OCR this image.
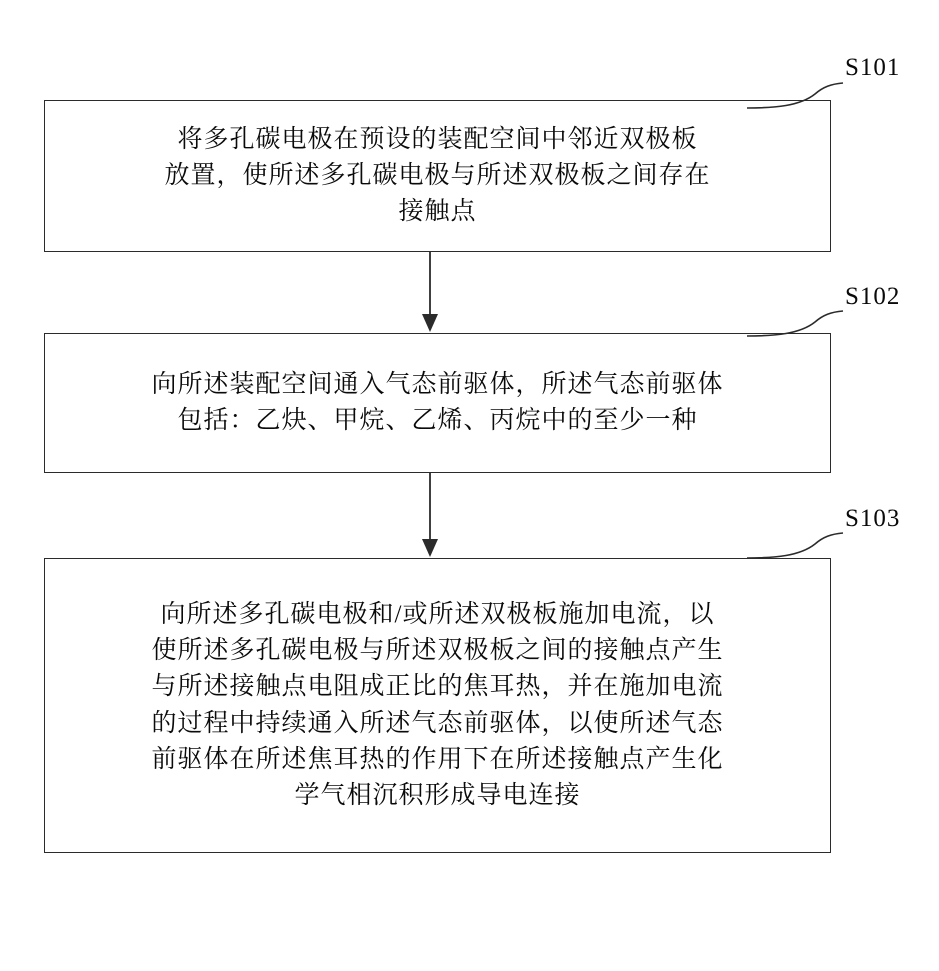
将多孔碳电极在预设的装配空间中邻近双极板
放置，使所述多孔碳电极与所述双极板之间存在
接触点
S101
向所述装配空间通入气态前驱体，所述气态前驱体
包括：乙炔、甲烷、乙烯、丙烷中的至少一种
S102
向所述多孔碳电极和/或所述双极板施加电流，以
使所述多孔碳电极与所述双极板之间的接触点产生
与所述接触点电阻成正比的焦耳热，并在施加电流
的过程中持续通入所述气态前驱体，以使所述气态
前驱体在所述焦耳热的作用下在所述接触点产生化
学气相沉积形成导电连接
S103
